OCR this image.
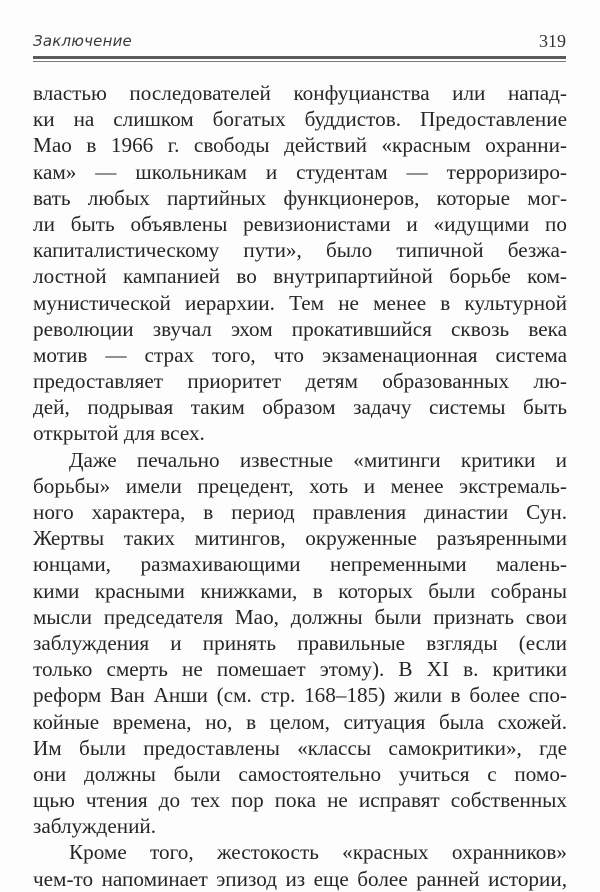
Заключение	319
властью последователей конфуцианства или напад-
ки на слишком богатых буддистов. Предоставление
Мао в 1966 г. свободы действий «красным охранни-
кам» — школьникам и студентам — терроризиро-
вать любых партийных функционеров, которые мог-
ли быть объявлены ревизионистами и «идущими по
капиталистическому пути», было типичной безжа-
лостной кампанией во внутрипартийной борьбе ком-
мунистической иерархии. Тем не менее в культурной
революции звучал эхом прокатившийся сквозь века
мотив — страх того, что экзаменационная система
предоставляет приоритет детям образованных лю-
дей, подрывая таким образом задачу системы быть
открытой для всех.
Даже печально известные «митинги критики и
борьбы» имели прецедент, хоть и менее экстремаль-
ного характера, в период правления династии Сун.
Жертвы таких митингов, окруженные разъяренными
юнцами, размахивающими непременными малень-
кими красными книжками, в которых были собраны
мысли председателя Мао, должны были признать свои
заблуждения и принять правильные взгляды (если
только смерть не помешает этому). В XI в. критики
реформ Ван Анши (см. стр. 168–185) жили в более спо-
койные времена, но, в целом, ситуация была схожей.
Им были предоставлены «классы самокритики», где
они должны были самостоятельно учиться с помо-
щью чтения до тех пор пока не исправят собственных
заблуждений.
Кроме того, жестокость «красных охранников»
чем-то напоминает эпизод из еще более ранней истории,
